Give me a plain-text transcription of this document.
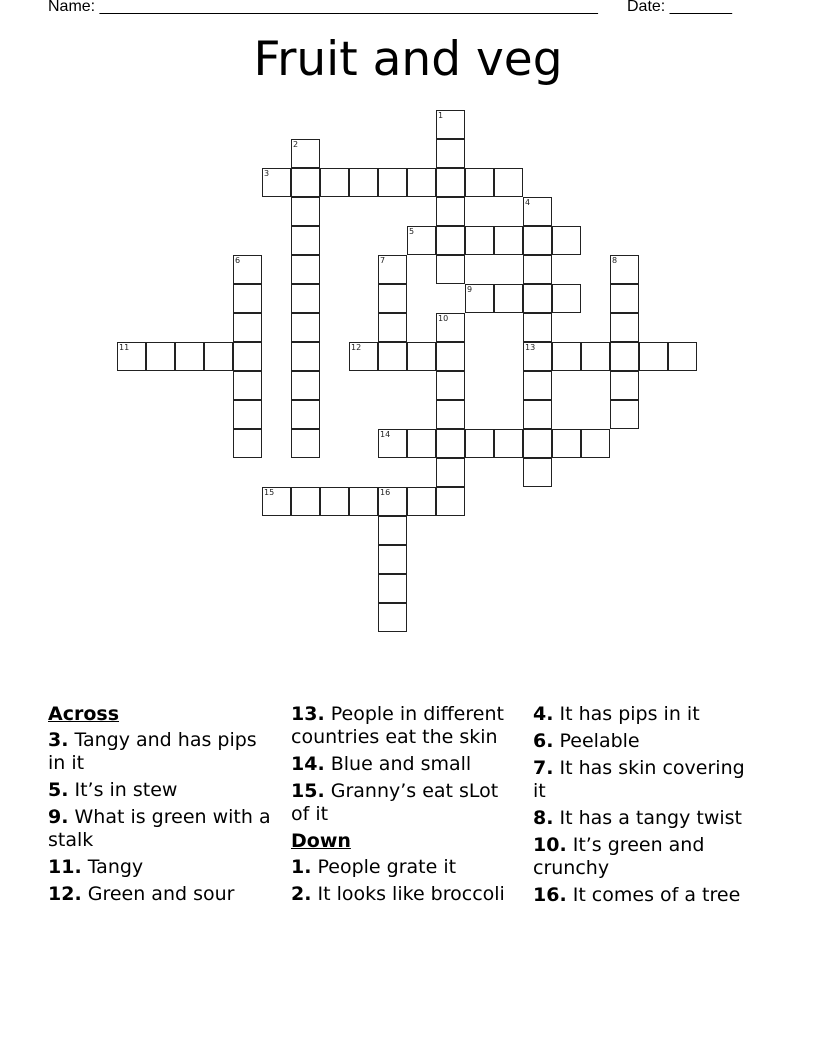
Name: ________________________________________________________ Date: _______
Fruit and veg
1
2
3
4
13
5
6	7	8
9
10
11	12
14
15	16
Across
3. Tangy and has pips in it
5. It’s in stew
9. What is green with a stalk
11. Tangy
12. Green and sour
13. People in different countries eat the skin
14. Blue and small
15. Granny’s eat sLot of it
Down
1. People grate it
2. It looks like broccoli
4. It has pips in it
6. Peelable
7. It has skin covering it
8. It has a tangy twist
10. It’s green and crunchy
16. It comes of a tree
